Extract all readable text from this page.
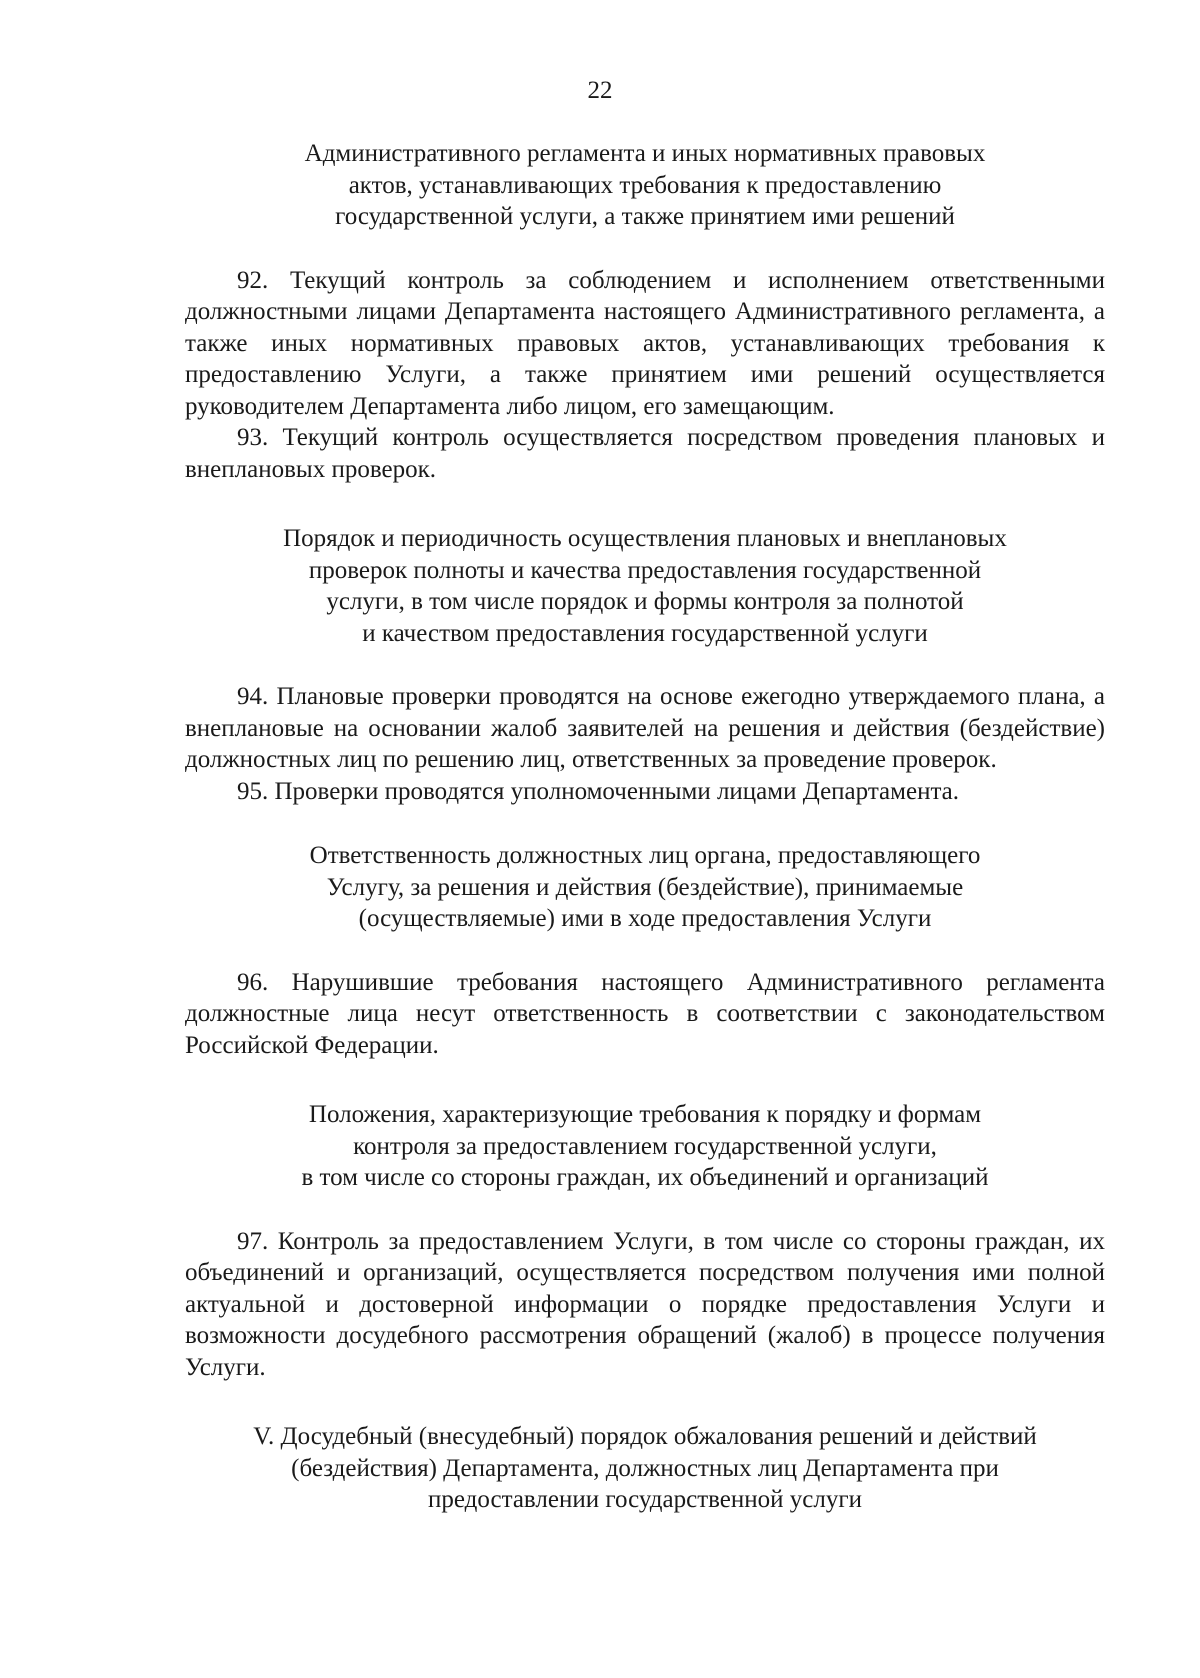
22
Административного регламента и иных нормативных правовых
актов, устанавливающих требования к предоставлению
государственной услуги, а также принятием ими решений

92. Текущий контроль за соблюдением и исполнением ответственными должностными лицами Департамента настоящего Административного регламента, а также иных нормативных правовых актов, устанавливающих требования к предоставлению Услуги, а также принятием ими решений осуществляется руководителем Департамента либо лицом, его замещающим.

93. Текущий контроль осуществляется посредством проведения плановых и внеплановых проверок.

Порядок и периодичность осуществления плановых и внеплановых
проверок полноты и качества предоставления государственной
услуги, в том числе порядок и формы контроля за полнотой
и качеством предоставления государственной услуги

94. Плановые проверки проводятся на основе ежегодно утверждаемого плана, а внеплановые на основании жалоб заявителей на решения и действия (бездействие) должностных лиц по решению лиц, ответственных за проведение проверок.

95. Проверки проводятся уполномоченными лицами Департамента.

Ответственность должностных лиц органа, предоставляющего
Услугу, за решения и действия (бездействие), принимаемые
(осуществляемые) ими в ходе предоставления Услуги

96. Нарушившие требования настоящего Административного регламента должностные лица несут ответственность в соответствии с законодательством Российской Федерации.

Положения, характеризующие требования к порядку и формам
контроля за предоставлением государственной услуги,
в том числе со стороны граждан, их объединений и организаций

97. Контроль за предоставлением Услуги, в том числе со стороны граждан, их объединений и организаций, осуществляется посредством получения ими полной актуальной и достоверной информации о порядке предоставления Услуги и возможности досудебного рассмотрения обращений (жалоб) в процессе получения Услуги.

V. Досудебный (внесудебный) порядок обжалования решений и действий
(бездействия) Департамента, должностных лиц Департамента при
предоставлении государственной услуги
